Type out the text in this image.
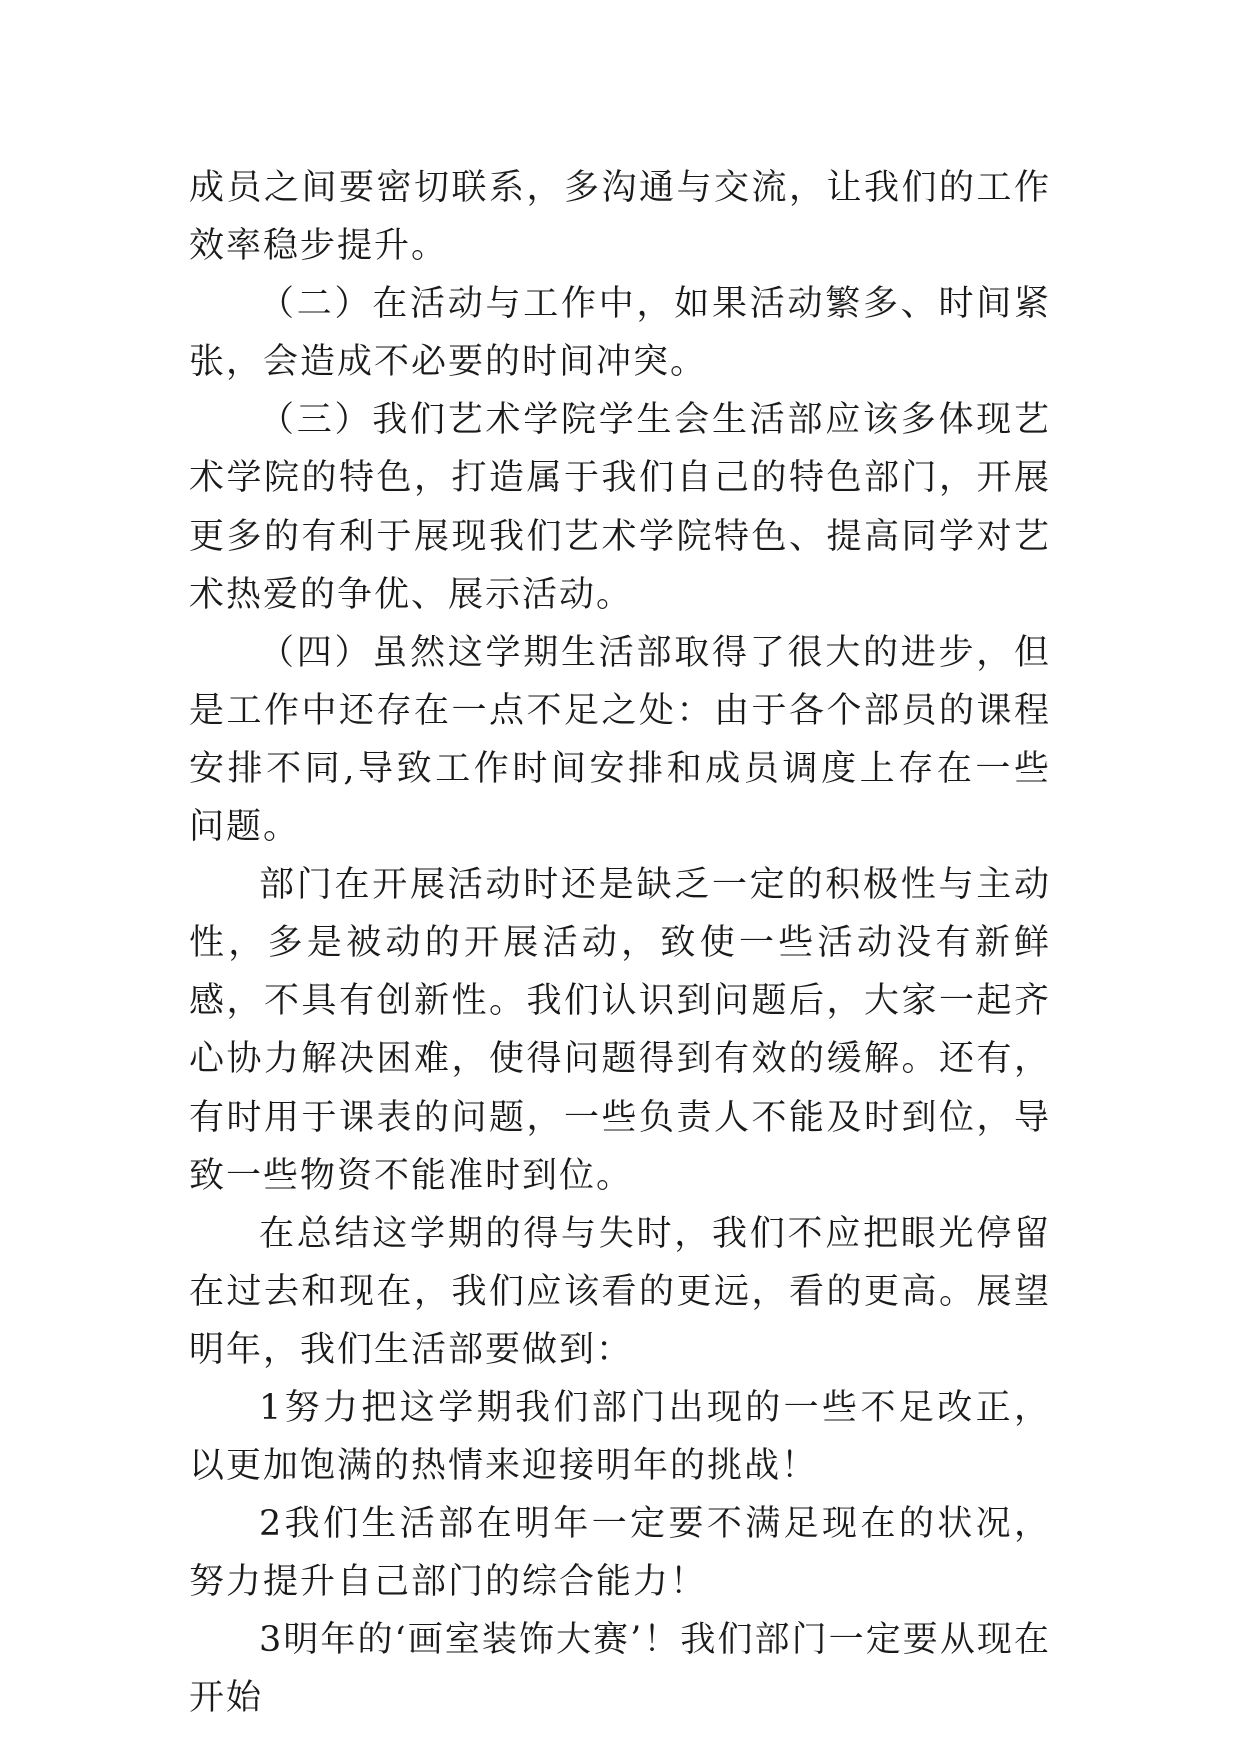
成员之间要密切联系，多沟通与交流，让我们的工作效率稳步提升。

（二）在活动与工作中，如果活动繁多、时间紧张，会造成不必要的时间冲突。

（三）我们艺术学院学生会生活部应该多体现艺术学院的特色，打造属于我们自己的特色部门，开展更多的有利于展现我们艺术学院特色、提高同学对艺术热爱的争优、展示活动。

（四）虽然这学期生活部取得了很大的进步，但是工作中还存在一点不足之处：由于各个部员的课程安排不同,导致工作时间安排和成员调度上存在一些问题。

部门在开展活动时还是缺乏一定的积极性与主动性，多是被动的开展活动，致使一些活动没有新鲜感，不具有创新性。我们认识到问题后，大家一起齐心协力解决困难，使得问题得到有效的缓解。还有，有时用于课表的问题，一些负责人不能及时到位，导致一些物资不能准时到位。

在总结这学期的得与失时，我们不应把眼光停留在过去和现在，我们应该看的更远，看的更高。展望明年，我们生活部要做到：

1努力把这学期我们部门出现的一些不足改正，以更加饱满的热情来迎接明年的挑战！

2我们生活部在明年一定要不满足现在的状况，努力提升自己部门的综合能力！

3明年的‘画室装饰大赛’！我们部门一定要从现在开始
